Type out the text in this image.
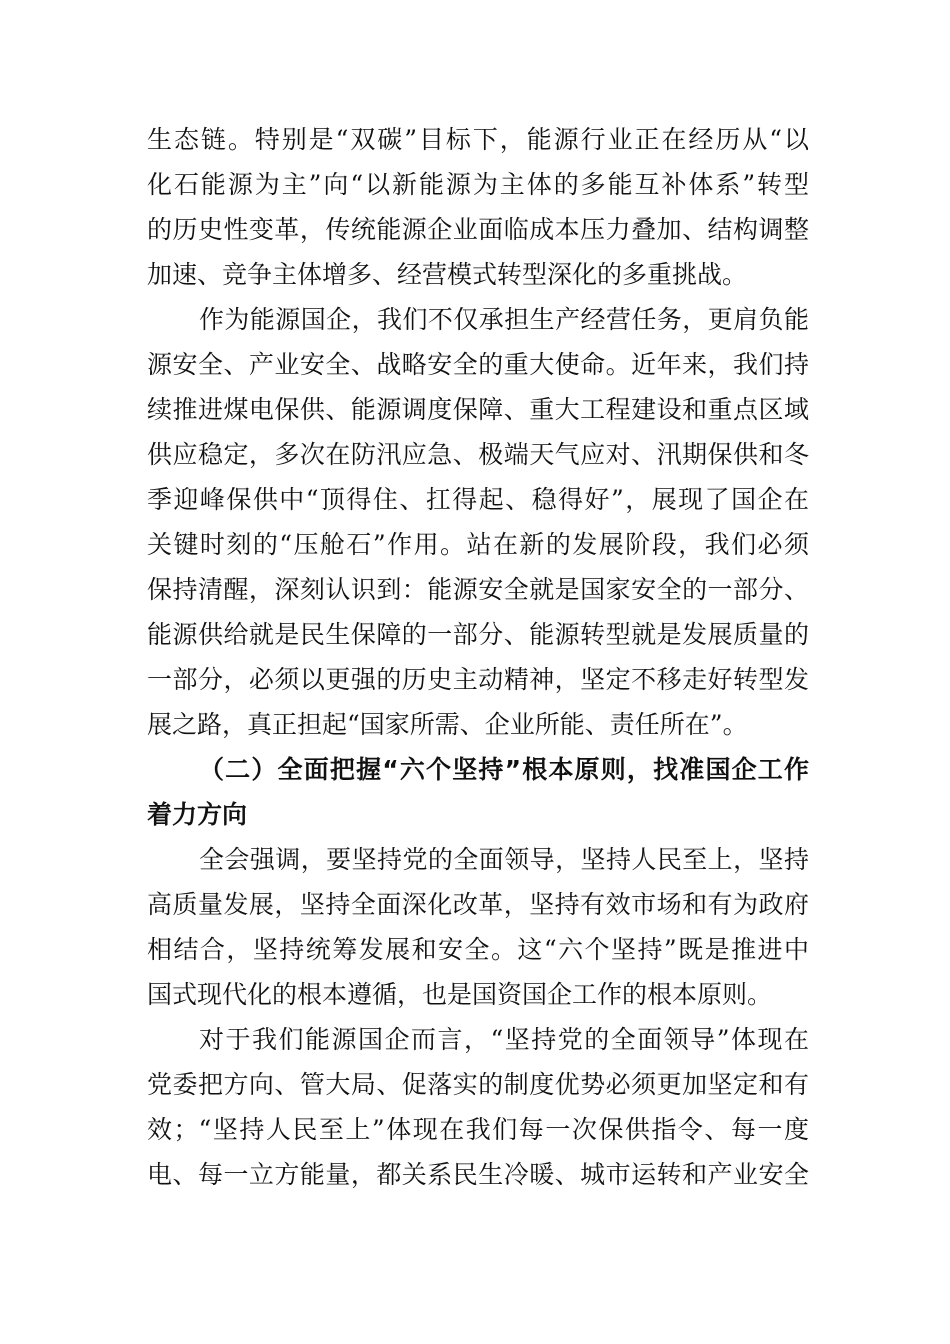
生态链。特别是“双碳”目标下，能源行业正在经历从“以
化石能源为主”向“以新能源为主体的多能互补体系”转型
的历史性变革，传统能源企业面临成本压力叠加、结构调整
加速、竞争主体增多、经营模式转型深化的多重挑战。
作为能源国企，我们不仅承担生产经营任务，更肩负能
源安全、产业安全、战略安全的重大使命。近年来，我们持
续推进煤电保供、能源调度保障、重大工程建设和重点区域
供应稳定，多次在防汛应急、极端天气应对、汛期保供和冬
季迎峰保供中“顶得住、扛得起、稳得好”，展现了国企在
关键时刻的“压舱石”作用。站在新的发展阶段，我们必须
保持清醒，深刻认识到：能源安全就是国家安全的一部分、
能源供给就是民生保障的一部分、能源转型就是发展质量的
一部分，必须以更强的历史主动精神，坚定不移走好转型发
展之路，真正担起“国家所需、企业所能、责任所在”。
（二）全面把握“六个坚持”根本原则，找准国企工作
着力方向
全会强调，要坚持党的全面领导，坚持人民至上，坚持
高质量发展，坚持全面深化改革，坚持有效市场和有为政府
相结合，坚持统筹发展和安全。这“六个坚持”既是推进中
国式现代化的根本遵循，也是国资国企工作的根本原则。
对于我们能源国企而言，“坚持党的全面领导”体现在
党委把方向、管大局、促落实的制度优势必须更加坚定和有
效；“坚持人民至上”体现在我们每一次保供指令、每一度
电、每一立方能量，都关系民生冷暖、城市运转和产业安全
